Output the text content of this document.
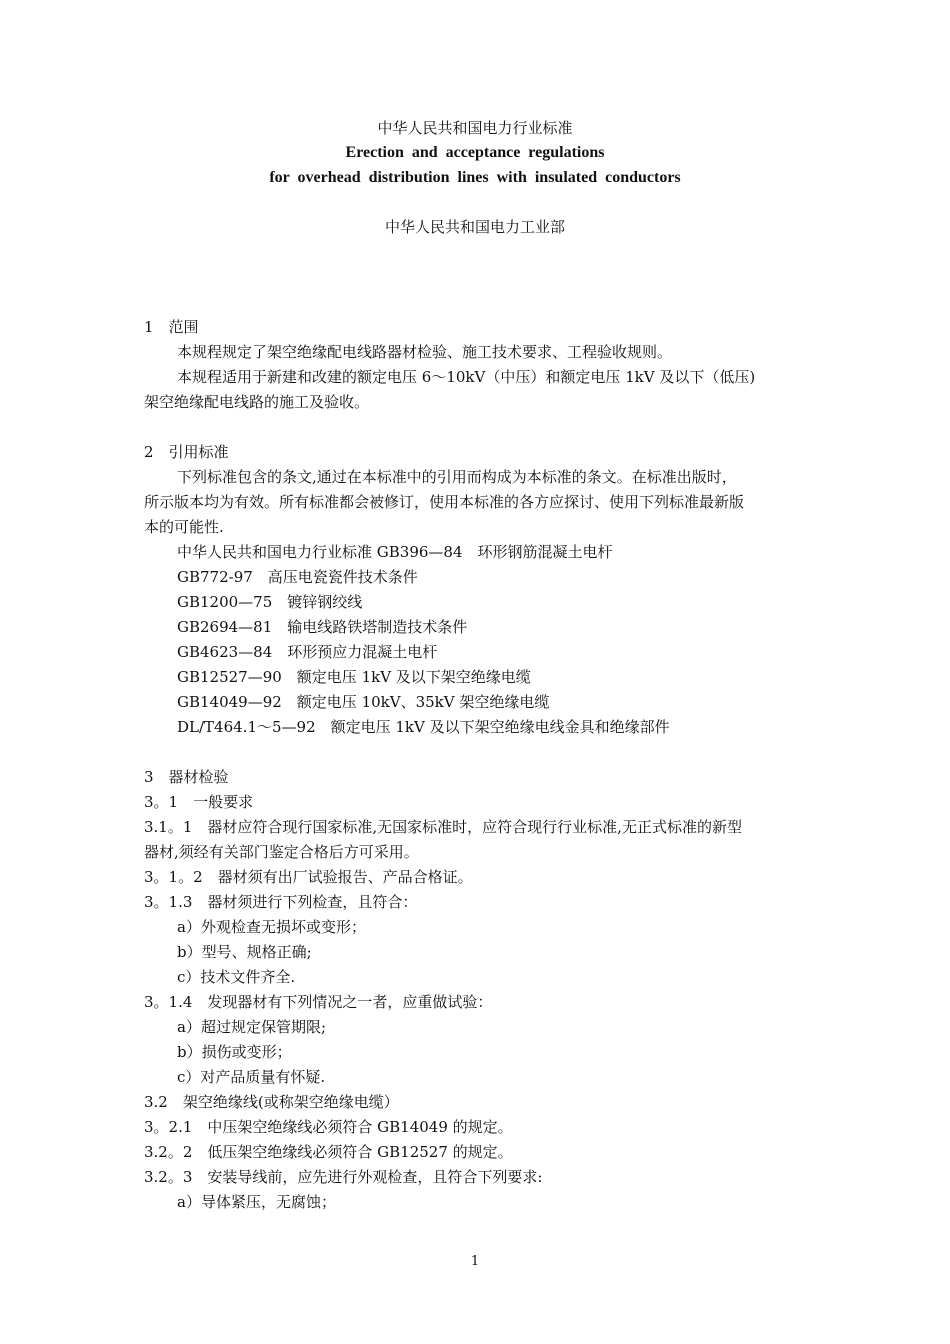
中华人民共和国电力行业标准
Erection and acceptance regulations
for overhead distribution lines with insulated conductors
中华人民共和国电力工业部
1　范围
本规程规定了架空绝缘配电线路器材检验、施工技术要求、工程验收规则。
本规程适用于新建和改建的额定电压 6～10kV（中压）和额定电压 1kV 及以下（低压)
架空绝缘配电线路的施工及验收。
2　引用标准
下列标准包含的条文,通过在本标准中的引用而构成为本标准的条文。在标准出版时，
所示版本均为有效。所有标准都会被修订，使用本标准的各方应探讨、使用下列标准最新版
本的可能性.
中华人民共和国电力行业标准 GB396—84　环形钢筋混凝土电杆
GB772-97　高压电瓷瓷件技术条件
GB1200—75　镀锌钢绞线
GB2694—81　输电线路铁塔制造技术条件
GB4623—84　环形预应力混凝土电杆
GB12527—90　额定电压 1kV 及以下架空绝缘电缆
GB14049—92　额定电压 10kV、35kV 架空绝缘电缆
DL/T464.1～5—92　额定电压 1kV 及以下架空绝缘电线金具和绝缘部件
3　器材检验
3。1　一般要求
3.1。1　器材应符合现行国家标准,无国家标准时，应符合现行行业标准,无正式标准的新型
器材,须经有关部门鉴定合格后方可采用。
3。1。2　器材须有出厂试验报告、产品合格证。
3。1.3　器材须进行下列检查，且符合：
a）外观检查无损坏或变形；
b）型号、规格正确;
c）技术文件齐全.
3。1.4　发现器材有下列情况之一者，应重做试验：
a）超过规定保管期限;
b）损伤或变形；
c）对产品质量有怀疑.
3.2　架空绝缘线(或称架空绝缘电缆）
3。2.1　中压架空绝缘线必须符合 GB14049 的规定。
3.2。2　低压架空绝缘线必须符合 GB12527 的规定。
3.2。3　安装导线前，应先进行外观检查，且符合下列要求:
a）导体紧压，无腐蚀；
1
